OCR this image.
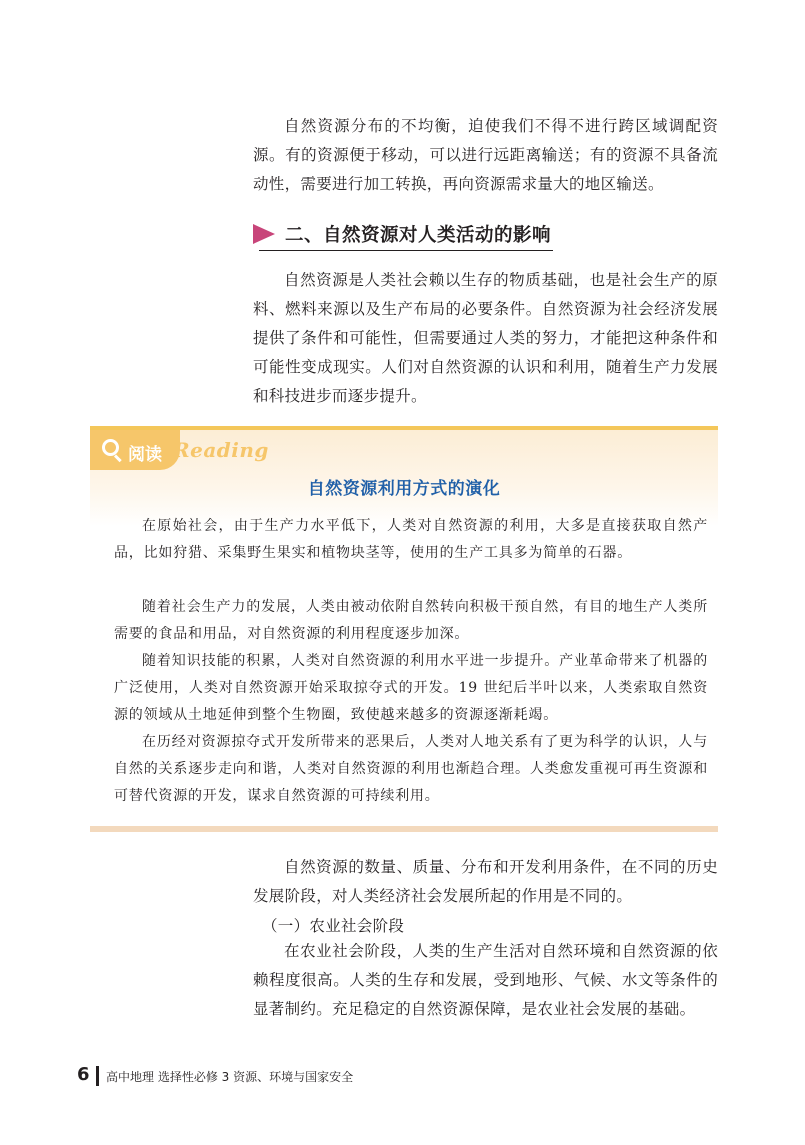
自然资源分布的不均衡，迫使我们不得不进行跨区域调配资源。有的资源便于移动，可以进行远距离输送；有的资源不具备流动性，需要进行加工转换，再向资源需求量大的地区输送。

二、自然资源对人类活动的影响

自然资源是人类社会赖以生存的物质基础，也是社会生产的原料、燃料来源以及生产布局的必要条件。自然资源为社会经济发展提供了条件和可能性，但需要通过人类的努力，才能把这种条件和可能性变成现实。人们对自然资源的认识和利用，随着生产力发展和科技进步而逐步提升。

阅读 Reading
自然资源利用方式的演化

在原始社会，由于生产力水平低下，人类对自然资源的利用，大多是直接获取自然产品，比如狩猎、采集野生果实和植物块茎等，使用的生产工具多为简单的石器。

随着社会生产力的发展，人类由被动依附自然转向积极干预自然，有目的地生产人类所需要的食品和用品，对自然资源的利用程度逐步加深。

随着知识技能的积累，人类对自然资源的利用水平进一步提升。产业革命带来了机器的广泛使用，人类对自然资源开始采取掠夺式的开发。19 世纪后半叶以来，人类索取自然资源的领域从土地延伸到整个生物圈，致使越来越多的资源逐渐耗竭。

在历经对资源掠夺式开发所带来的恶果后，人类对人地关系有了更为科学的认识，人与自然的关系逐步走向和谐，人类对自然资源的利用也渐趋合理。人类愈发重视可再生资源和可替代资源的开发，谋求自然资源的可持续利用。

自然资源的数量、质量、分布和开发利用条件，在不同的历史发展阶段，对人类经济社会发展所起的作用是不同的。

（一）农业社会阶段

在农业社会阶段，人类的生产生活对自然环境和自然资源的依赖程度很高。人类的生存和发展，受到地形、气候、水文等条件的显著制约。充足稳定的自然资源保障，是农业社会发展的基础。

6 高中地理 选择性必修 3 资源、环境与国家安全
